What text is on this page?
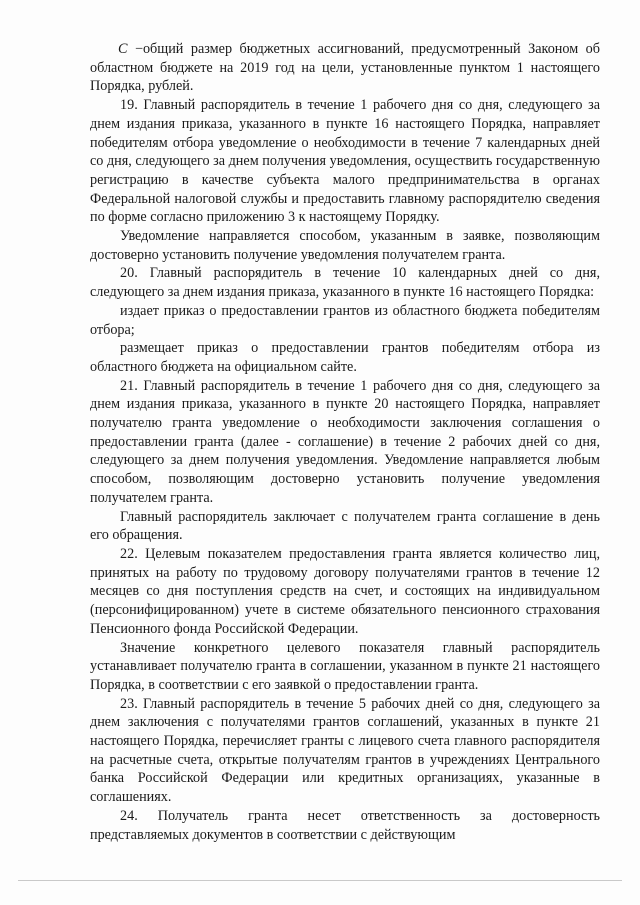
C −общий размер бюджетных ассигнований, предусмотренный Законом об областном бюджете на 2019 год на цели, установленные пунктом 1 настоящего Порядка, рублей.

19. Главный распорядитель в течение 1 рабочего дня со дня, следующего за днем издания приказа, указанного в пункте 16 настоящего Порядка, направляет победителям отбора уведомление о необходимости в течение 7 календарных дней со дня, следующего за днем получения уведомления, осуществить государственную регистрацию в качестве субъекта малого предпринимательства в органах Федеральной налоговой службы и предоставить главному распорядителю сведения по форме согласно приложению 3 к настоящему Порядку.

Уведомление направляется способом, указанным в заявке, позволяющим достоверно установить получение уведомления получателем гранта.

20. Главный распорядитель в течение 10 календарных дней со дня, следующего за днем издания приказа, указанного в пункте 16 настоящего Порядка:

издает приказ о предоставлении грантов из областного бюджета победителям отбора;

размещает приказ о предоставлении грантов победителям отбора из областного бюджета на официальном сайте.

21. Главный распорядитель в течение 1 рабочего дня со дня, следующего за днем издания приказа, указанного в пункте 20 настоящего Порядка, направляет получателю гранта уведомление о необходимости заключения соглашения о предоставлении гранта (далее - соглашение) в течение 2 рабочих дней со дня, следующего за днем получения уведомления. Уведомление направляется любым способом, позволяющим достоверно установить получение уведомления получателем гранта.

Главный распорядитель заключает с получателем гранта соглашение в день его обращения.

22. Целевым показателем предоставления гранта является количество лиц, принятых на работу по трудовому договору получателями грантов в течение 12 месяцев со дня поступления средств на счет, и состоящих на индивидуальном (персонифицированном) учете в системе обязательного пенсионного страхования Пенсионного фонда Российской Федерации.

Значение конкретного целевого показателя главный распорядитель устанавливает получателю гранта в соглашении, указанном в пункте 21 настоящего Порядка, в соответствии с его заявкой о предоставлении гранта.

23. Главный распорядитель в течение 5 рабочих дней со дня, следующего за днем заключения с получателями грантов соглашений, указанных в пункте 21 настоящего Порядка, перечисляет гранты с лицевого счета главного распорядителя на расчетные счета, открытые получателям грантов в учреждениях Центрального банка Российской Федерации или кредитных организациях, указанные в соглашениях.

24. Получатель гранта несет ответственность за достоверность представляемых документов в соответствии с действующим
